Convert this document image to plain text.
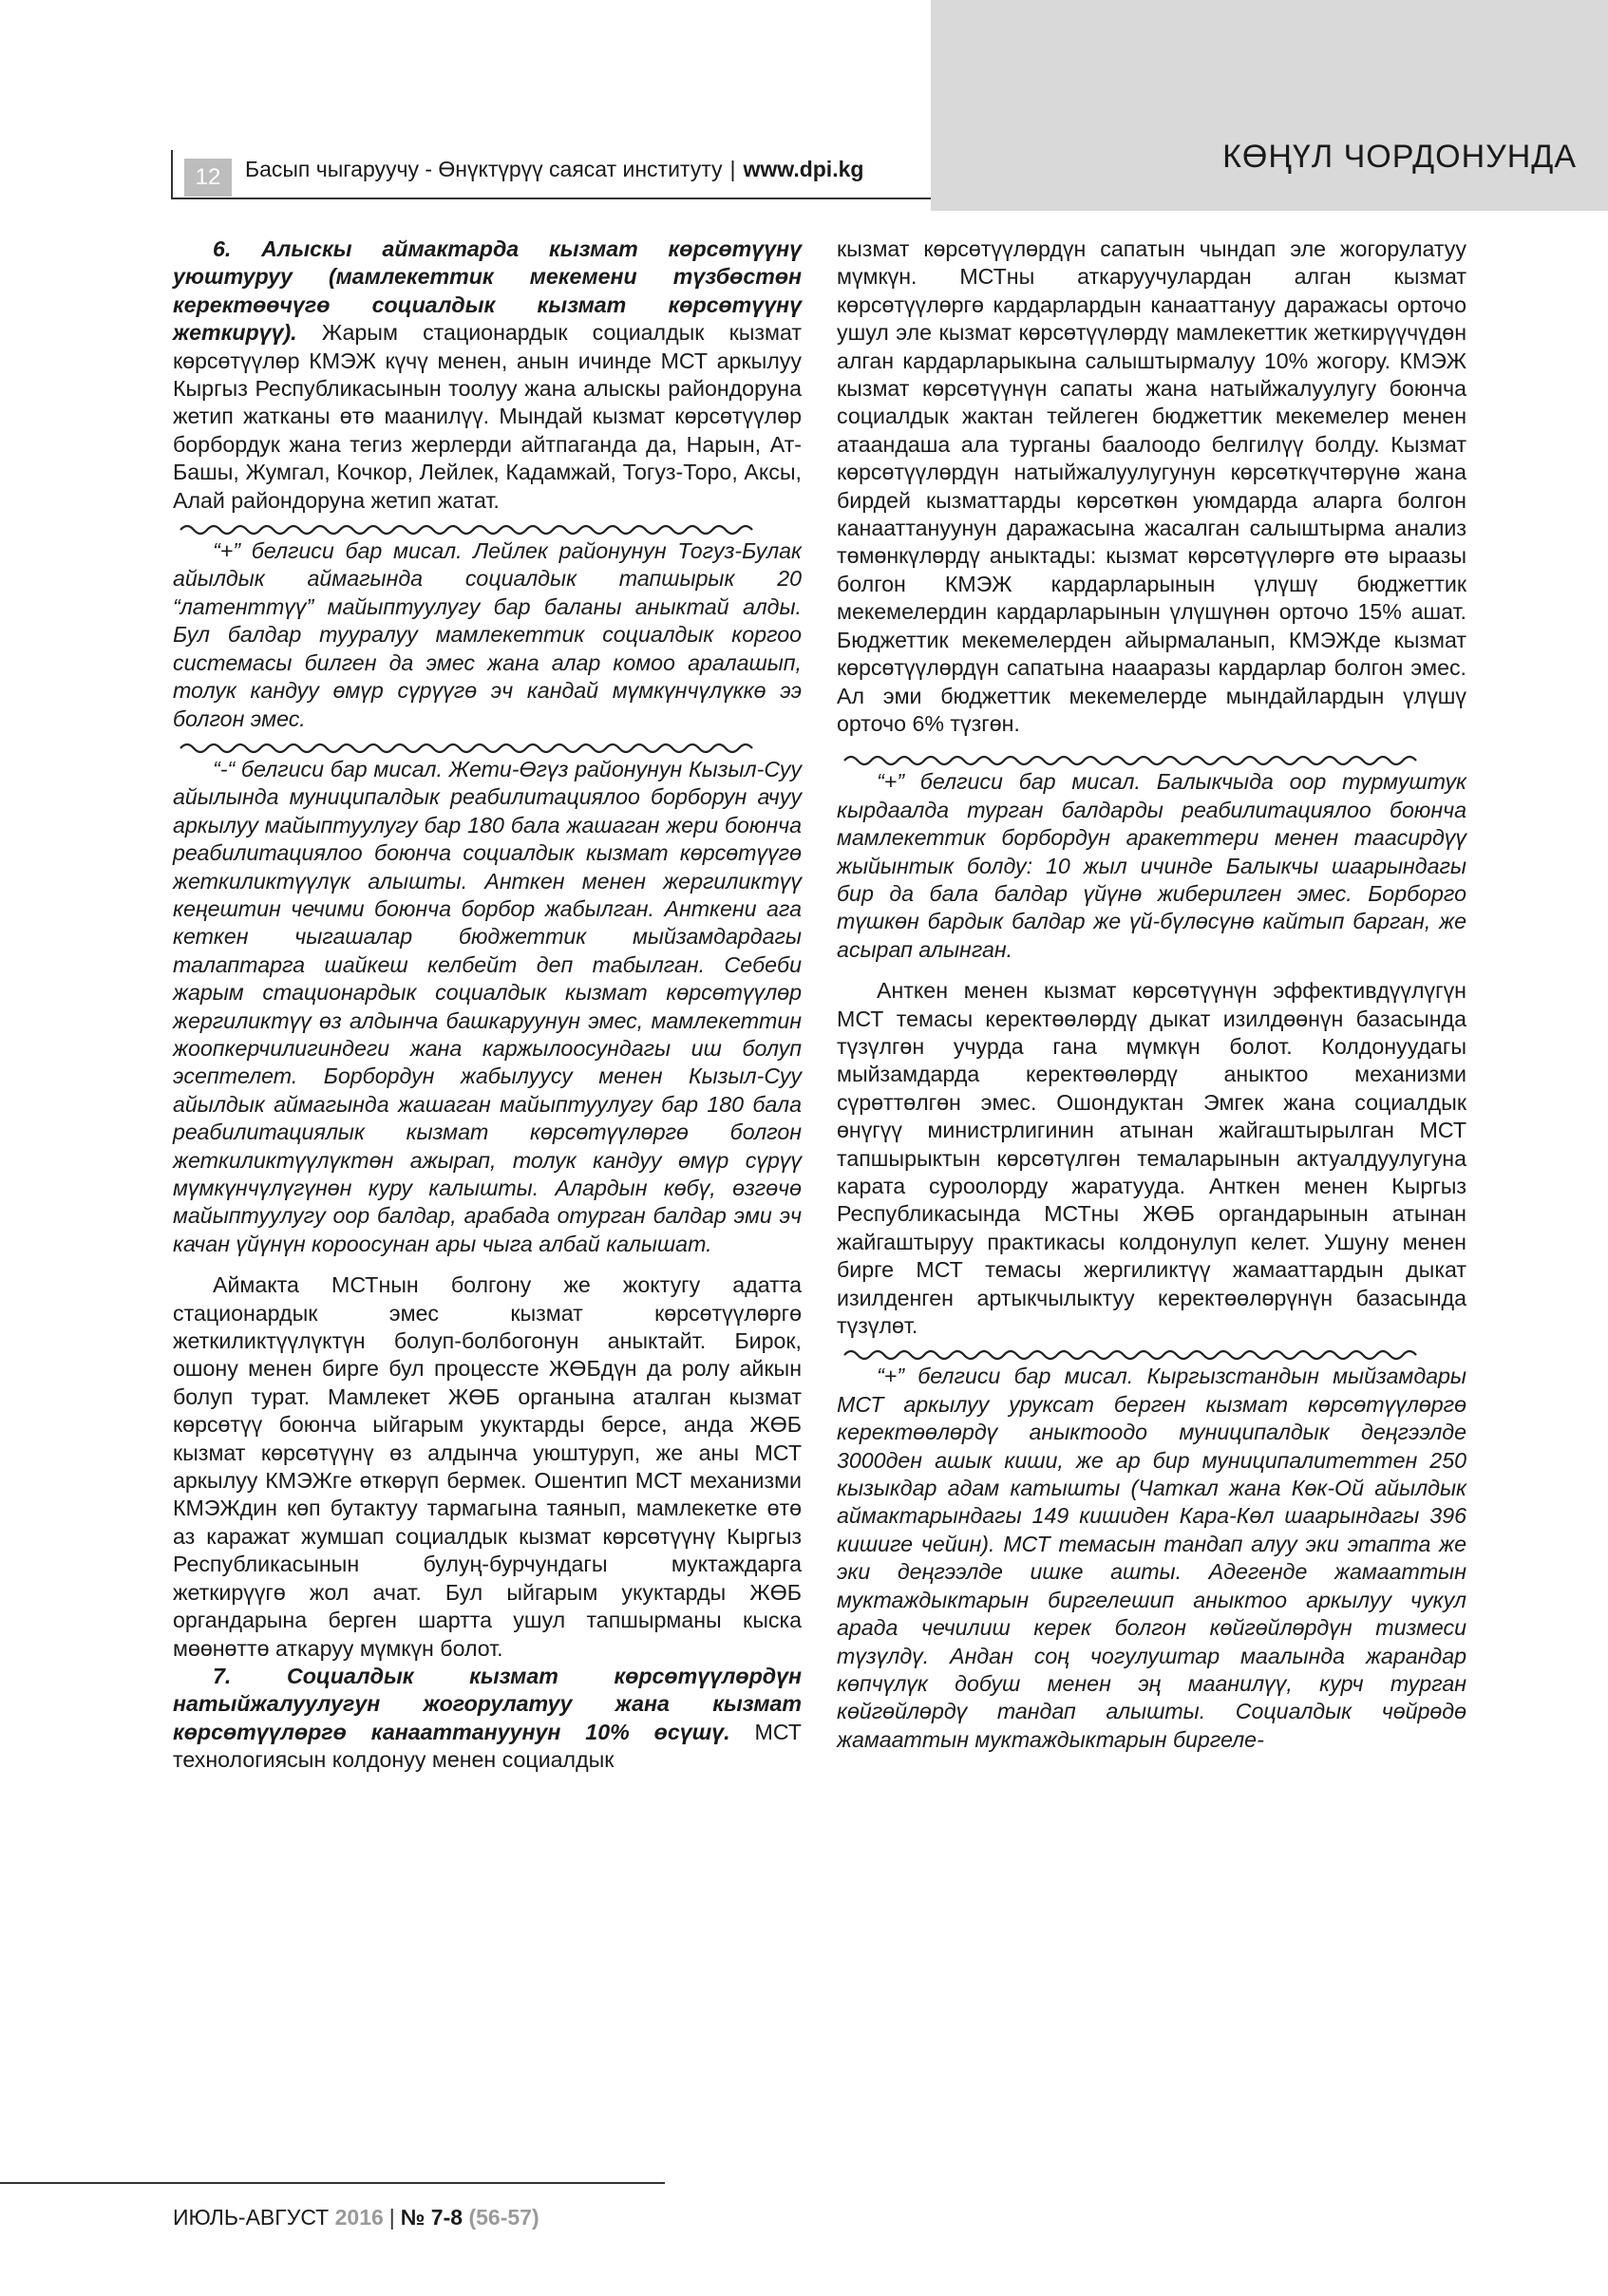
КӨҢҮЛ ЧОРДОНУНДА
12	Басып чыгаруучу - Өнүктүрүү саясат институту | www.dpi.kg

6. Алыскы аймактарда кызмат көрсөтүүнү уюштуруу (мамлекеттик мекемени түзбөстөн керектөөчүгө социалдык кызмат көрсөтүүнү жеткирүү). Жарым стационардык социалдык кызмат көрсөтүүлөр КМЭЖ күчү менен, анын ичинде МСТ аркылуу Кыргыз Республикасынын тоолуу жана алыскы райондоруна жетип жатканы өтө маанилүү. Мындай кызмат көрсөтүүлөр борбордук жана тегиз жерлерди айтпаганда да, Нарын, Ат-Башы, Жумгал, Кочкор, Лейлек, Кадамжай, Тогуз-Торо, Аксы, Алай райондоруна жетип жатат.

“+” белгиси бар мисал. Лейлек районунун Тогуз-Булак айылдык аймагында социалдык тапшырык 20 “латенттүү” майыптуулугу бар баланы аныктай алды. Бул балдар тууралуу мамлекеттик социалдык коргоо системасы билген да эмес жана алар комоо аралашып, толук кандуу өмүр сүрүүгө эч кандай мүмкүнчүлүккө ээ болгон эмес.

“-“ белгиси бар мисал. Жети-Өгүз районунун Кызыл-Суу айылында муниципалдык реабилитациялоо борборун ачуу аркылуу майыптуулугу бар 180 бала жашаган жери боюнча реабилитациялоо боюнча социалдык кызмат көрсөтүүгө жеткиликтүүлүк алышты. Анткен менен жергиликтүү кеңештин чечими боюнча борбор жабылган. Анткени ага кеткен чыгашалар бюджеттик мыйзамдардагы талаптарга шайкеш келбейт деп табылган. Себеби жарым стационардык социалдык кызмат көрсөтүүлөр жергиликтүү өз алдынча башкаруунун эмес, мамлекеттин жоопкерчилигиндеги жана каржылоосундагы иш болуп эсептелет. Борбордун жабылуусу менен Кызыл-Суу айылдык аймагында жашаган майыптуулугу бар 180 бала реабилитациялык кызмат көрсөтүүлөргө болгон жеткиликтүүлүктөн ажырап, толук кандуу өмүр сүрүү мүмкүнчүлүгүнөн куру калышты. Алардын көбү, өзгөчө майыптуулугу оор балдар, арабада отурган балдар эми эч качан үйүнүн короосунан ары чыга албай калышат.

Аймакта МСТнын болгону же жоктугу адатта стационардык эмес кызмат көрсөтүүлөргө жеткиликтүүлүктүн болуп-болбогонун аныктайт. Бирок, ошону менен бирге бул процессте ЖӨБдүн да ролу айкын болуп турат. Мамлекет ЖӨБ органына аталган кызмат көрсөтүү боюнча ыйгарым укуктарды берсе, анда ЖӨБ кызмат көрсөтүүнү өз алдынча уюштуруп, же аны МСТ аркылуу КМЭЖге өткөрүп бермек. Ошентип МСТ механизми КМЭЖдин көп бутактуу тармагына таянып, мамлекетке өтө аз каражат жумшап социалдык кызмат көрсөтүүнү Кыргыз Республикасынын булуң-бурчундагы муктаждарга жеткирүүгө жол ачат. Бул ыйгарым укуктарды ЖӨБ органдарына берген шартта ушул тапшырманы кыска мөөнөттө аткаруу мүмкүн болот.

7.	Социалдык кызмат көрсөтүүлөрдүн натыйжалуулугун жогорулатуу жана кызмат көрсөтүүлөргө канааттануунун 10% өсүшү. МСТ технологиясын колдонуу менен социалдык

кызмат көрсөтүүлөрдүн сапатын чындап эле жогорулатуу мүмкүн. МСТны аткаруучулардан алган кызмат көрсөтүүлөргө кардарлардын канааттануу даражасы орточо ушул эле кызмат көрсөтүүлөрдү мамлекеттик жеткирүүчүдөн алган кардарларыкына салыштырмалуу 10% жогору. КМЭЖ кызмат көрсөтүүнүн сапаты жана натыйжалуулугу боюнча социалдык жактан тейлеген бюджеттик мекемелер менен атаандаша ала турганы баалоодо белгилүү болду. Кызмат көрсөтүүлөрдүн натыйжалуулугунун көрсөткүчтөрүнө жана бирдей кызматтарды көрсөткөн уюмдарда аларга болгон канааттануунун даражасына жасалган салыштырма анализ төмөнкүлөрдү аныктады: кызмат көрсөтүүлөргө өтө ыраазы болгон КМЭЖ кардарларынын үлүшү бюджеттик мекемелердин кардарларынын үлүшүнөн орточо 15% ашат. Бюджеттик мекемелерден айырмаланып, КМЭЖде кызмат көрсөтүүлөрдүн сапатына наааразы кардарлар болгон эмес. Ал эми бюджеттик мекемелерде мындайлардын үлүшү орточо 6% түзгөн.

“+” белгиси бар мисал. Балыкчыда оор турмуштук кырдаалда турган балдарды реабилитациялоо боюнча мамлекеттик борбордун аракеттери менен таасирдүү жыйынтык болду: 10 жыл ичинде Балыкчы шаарындагы бир да бала балдар үйүнө жиберилген эмес. Борборго түшкөн бардык балдар же үй-бүлөсүнө кайтып барган, же асырап алынган.

Анткен менен кызмат көрсөтүүнүн эффективдүүлүгүн МСТ темасы керектөөлөрдү дыкат изилдөөнүн базасында түзүлгөн учурда гана мүмкүн болот. Колдонуудагы мыйзамдарда керектөөлөрдү аныктоо механизми сүрөттөлгөн эмес. Ошондуктан Эмгек жана социалдык өнүгүү министрлигинин атынан жайгаштырылган МСТ тапшырыктын көрсөтүлгөн темаларынын актуалдуулугуна карата суроолорду жаратууда. Анткен менен Кыргыз Республикасында МСТны ЖӨБ органдарынын атынан жайгаштыруу практикасы колдонулуп келет. Ушуну менен бирге МСТ темасы жергиликтүү жамааттардын дыкат изилденген артыкчылыктуу керектөөлөрүнүн базасында түзүлөт.

“+” белгиси бар мисал. Кыргызстандын мыйзамдары МСТ аркылуу уруксат берген кызмат көрсөтүүлөргө керектөөлөрдү аныктоодо муниципалдык деңгээлде 3000ден ашык киши, же ар бир муниципалитеттен 250 кызыкдар адам катышты (Чаткал жана Көк-Ой айылдык аймактарындагы 149 кишиден Кара-Көл шаарындагы 396 кишиге чейин). МСТ темасын тандап алуу эки этапта же эки деңгээлде ишке ашты. Адегенде жамааттын муктаждыктарын биргелешип аныктоо аркылуу чукул арада чечилиш керек болгон көйгөйлөрдүн тизмеси түзүлдү. Андан соң чогулуштар маалында жарандар көпчүлүк добуш менен эң маанилүү, курч турган көйгөйлөрдү тандап алышты. Социалдык чөйрөдө жамааттын муктаждыктарын биргеле-

ИЮЛЬ-АВГУСТ 2016 | № 7-8 (56-57)
